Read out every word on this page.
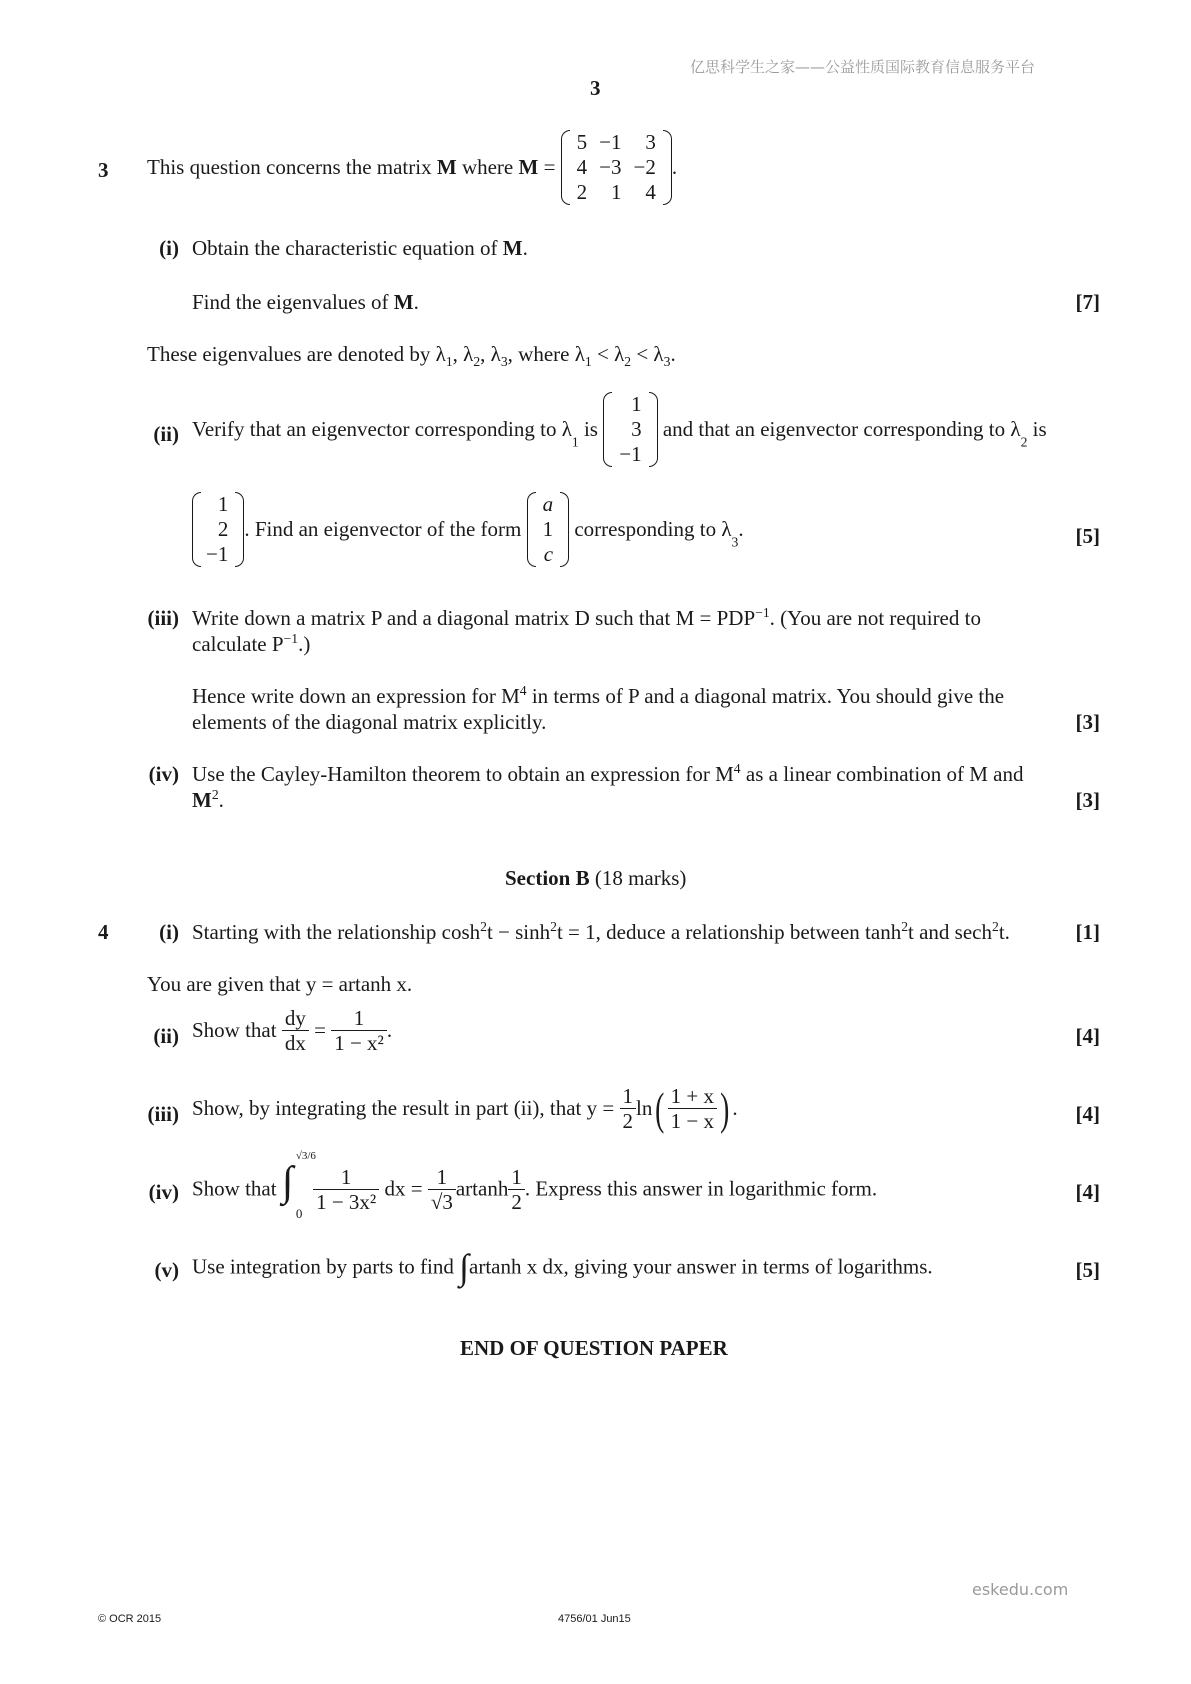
亿思科学生之家——公益性质国际教育信息服务平台
3
3 This question concerns the matrix M where M =
5	−1	3
4	−3	−2
2	1	4
.
(i) Obtain the characteristic equation of M.
Find the eigenvalues of M.	[7]
These eigenvalues are denoted by $\lambda_1$, $\lambda_2$, $\lambda_3$, where $\lambda_1 < \lambda_2 < \lambda_3$.
(ii) Verify that an eigenvector corresponding to $\lambda_1$ is
1
3
−1
and that an eigenvector corresponding to $\lambda_2$ is
1
2
−1
. Find an eigenvector of the form
a
1
c
corresponding to $\lambda_3$.	[5]
(iii) Write down a matrix P and a diagonal matrix D such that $M = PDP^{-1}$. (You are not required to
calculate $P^{-1}$.)
Hence write down an expression for $M^4$ in terms of P and a diagonal matrix. You should give the
elements of the diagonal matrix explicitly.	[3]
(iv) Use the Cayley-Hamilton theorem to obtain an expression for $M^4$ as a linear combination of M and
$M^2$.	[3]
Section B (18 marks)
4	(i) Starting with the relationship $\cosh^2t - \sinh^2t = 1$, deduce a relationship between $\tanh^2t$ and sech$^2$t.	[1]
You are given that y = artanh x.
(ii) Show that $\frac{dy}{dx} = \frac{1}{\text{1 − x²}}$ .	[4]
(iii) Show, by integrating the result in part (ii), that $y = \frac{1}{2} \ln( \frac{1 + x}{1 - x}$ ) .	[4]
(iv) Show that ∫
√3/6
0
$\frac{1}{\text{1 − 3x²}}$ dx = $\frac{1}{√3}$ artanh $\frac{1}{2}$ . Express this answer in logarithmic form.	[4]
(v) Use integration by parts to find ∫artanh x dx, giving your answer in terms of logarithms.	[5]
END OF QUESTION PAPER
eskedu.com
© OCR 2015	4756/01 Jun15
